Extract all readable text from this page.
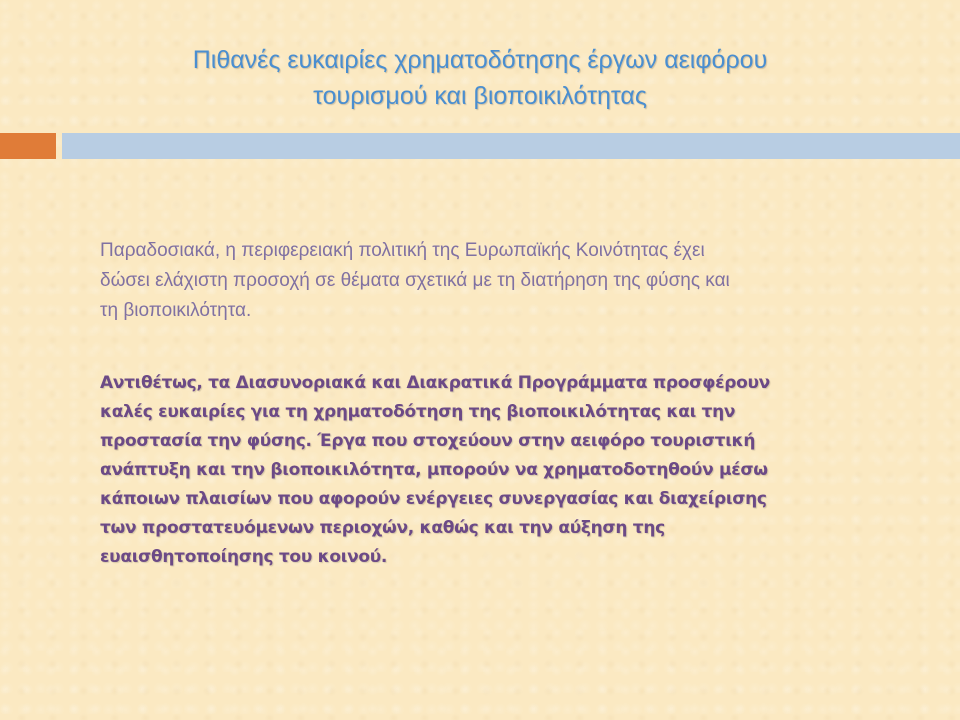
Πιθανές ευκαιρίες χρηματοδότησης έργων αειφόρου
τουρισμού και βιοποικιλότητας
Παραδοσιακά, η περιφερειακή πολιτική της Ευρωπαϊκής Κοινότητας έχει
δώσει ελάχιστη προσοχή σε θέματα σχετικά με τη διατήρηση της φύσης και
τη βιοποικιλότητα.
Αντιθέτως, τα Διασυνοριακά και Διακρατικά Προγράμματα προσφέρουν
καλές ευκαιρίες για τη χρηματοδότηση της βιοποικιλότητας και την
προστασία την φύσης. Έργα που στοχεύουν στην αειφόρο τουριστική
ανάπτυξη και την βιοποικιλότητα, μπορούν να χρηματοδοτηθούν μέσω
κάποιων πλαισίων που αφορούν ενέργειες συνεργασίας και διαχείρισης
των προστατευόμενων περιοχών, καθώς και την αύξηση της
ευαισθητοποίησης του κοινού.
